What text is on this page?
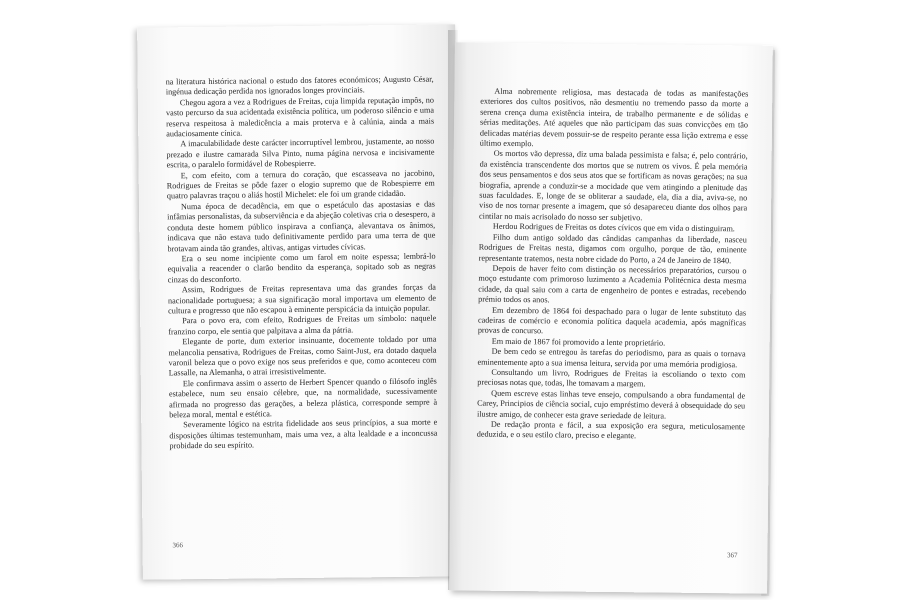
na literatura histórica nacional o estudo dos fatores económicos; Augusto César, ingénua dedicação perdida nos ignorados longes provinciais.

Chegou agora a vez a Rodrigues de Freitas, cuja limpida reputação impôs, no vasto percurso da sua acidentada existência política, um poderoso silêncio e uma reserva respeitosa à maledicência a mais proterva e à calúnia, ainda a mais audaciosamente cínica.

A imaculabilidade deste carácter incorruptível lembrou, justamente, ao nosso prezado e ilustre camarada Silva Pinto, numa página nervosa e incisivamente escrita, o paralelo formidável de Robespierre.

E, com efeito, com a ternura do coração, que escasseava no jacobino, Rodrigues de Freitas se pôde fazer o elogio supremo que de Robespierre em quatro palavras traçou o aliás hostil Michelet: ele foi um grande cidadão.

Numa época de decadência, em que o espetáculo das apostasias e das infâmias personalistas, da subserviência e da abjeção coletivas cria o desespero, a conduta deste homem público inspirava a confiança, alevantava os ânimos, indicava que não estava tudo definitivamente perdido para uma terra de que brotavam ainda tão grandes, altivas, antigas virtudes cívicas.

Era o seu nome incipiente como um farol em noite espessa; lembrá-lo equivalia a reacender o clarão bendito da esperança, sopitado sob as negras cinzas do desconforto.

Assim, Rodrigues de Freitas representava uma das grandes forças da nacionalidade portuguesa; a sua significação moral importava um elemento de cultura e progresso que não escapou à eminente perspicácia da intuição popular.

Para o povo era, com efeito, Rodrigues de Freitas um símbolo: naquele franzino corpo, ele sentia que palpitava a alma da pátria.

Elegante de porte, dum exterior insinuante, docemente toldado por uma melancolia pensativa, Rodrigues de Freitas, como Saint-Just, era dotado daquela varonil beleza que o povo exige nos seus preferidos e que, como aconteceu com Lassalle, na Alemanha, o atrai irresistivelmente.

Ele confirmava assim o asserto de Herbert Spencer quando o filósofo inglês estabelece, num seu ensaio célebre, que, na normalidade, sucessivamente afirmada no progresso das gerações, a beleza plástica, corresponde sempre à beleza moral, mental e estética.

Severamente lógico na estrita fidelidade aos seus princípios, a sua morte e disposições últimas testemunham, mais uma vez, a alta lealdade e a inconcussa probidade do seu espírito.

366

Alma nobremente religiosa, mas destacada de todas as manifestações exteriores dos cultos positivos, não desmentiu no tremendo passo da morte a serena crença duma existência inteira, de trabalho permanente e de sólidas e sérias meditações. Até aqueles que não participam das suas convicções em tão delicadas matérias devem possuir-se de respeito perante essa lição extrema e esse último exemplo.

Os mortos vão depressa, diz uma balada pessimista e falsa; é, pelo contrário, da existência transcendente dos mortos que se nutrem os vivos. É pela memória dos seus pensamentos e dos seus atos que se fortificam as novas gerações; na sua biografia, aprende a conduzir-se a mocidade que vem atingindo a plenitude das suas faculdades. E, longe de se obliterar a saudade, ela, dia a dia, aviva-se, no viso de nos tornar presente a imagem, que só desapareceu diante dos olhos para cintilar no mais acrisolado do nosso ser subjetivo.

Herdou Rodrigues de Freitas os dotes cívicos que em vida o distinguiram.

Filho dum antigo soldado das cândidas campanhas da liberdade, nasceu Rodrigues de Freitas nesta, digamos com orgulho, porque de tão, eminente representante tratemos, nesta nobre cidade do Porto, a 24 de Janeiro de 1840.

Depois de haver feito com distinção os necessários preparatórios, cursou o moço estudante com primoroso luzimento a Academia Politécnica desta mesma cidade, da qual saiu com a carta de engenheiro de pontes e estradas, recebendo prémio todos os anos.

Em dezembro de 1864 foi despachado para o lugar de lente substituto das cadeiras de comércio e economia política daquela academia, após magníficas provas de concurso.

Em maio de 1867 foi promovido a lente proprietário.

De bem cedo se entregou às tarefas do periodismo, para as quais o tornava eminentemente apto a sua imensa leitura, servida por uma memória prodigiosa.

Consultando um livro, Rodrigues de Freitas ia escoliando o texto com preciosas notas que, todas, lhe tomavam a margem.

Quem escreve estas linhas teve ensejo, compulsando a obra fundamental de Carey, Principios de ciência social, cujo empréstimo deverá à obsequidade do seu ilustre amigo, de conhecer esta grave seriedade de leitura.

De redação pronta e fácil, a sua exposição era segura, meticulosamente deduzida, e o seu estilo claro, preciso e elegante.

367
